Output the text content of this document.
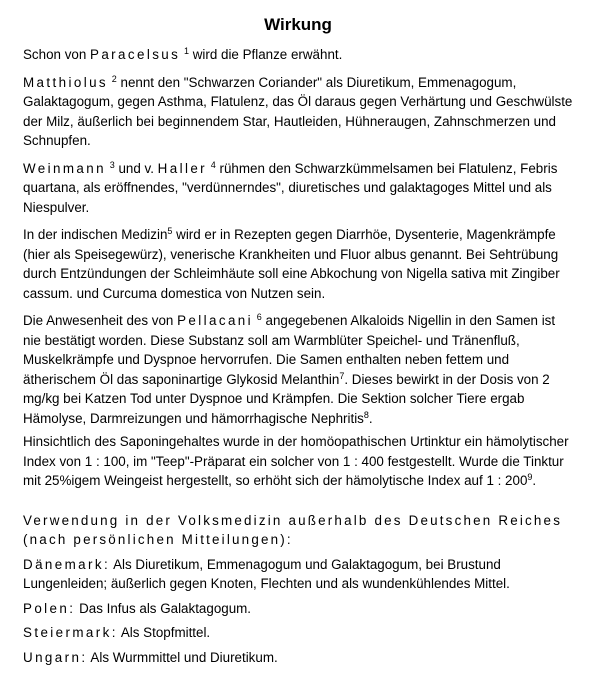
Wirkung

Schon von Paracelsus $^1$ wird die Pflanze erwähnt.

Matthiolus $^2$ nennt den "Schwarzen Coriander" als Diuretikum, Emmenagogum, Galaktagogum, gegen Asthma, Flatulenz, das Öl daraus gegen Verhärtung und Geschwülste der Milz, äußerlich bei beginnendem Star, Hautleiden, Hühneraugen, Zahnschmerzen und Schnupfen.

Weinmann $^3$ und v. Haller $^4$ rühmen den Schwarzkümmelsamen bei Flatulenz, Febris quartana, als eröffnendes, "verdünnerndes", diuretisches und galaktagoges Mittel und als Niespulver.

In der indischen Medizin$^5$ wird er in Rezepten gegen Diarrhöe, Dysenterie, Magenkrämpfe (hier als Speisegewürz), venerische Krankheiten und Fluor albus genannt. Bei Sehtrübung durch Entzündungen der Schleimhäute soll eine Abkochung von Nigella sativa mit Zingiber cassum. und Curcuma domestica von Nutzen sein.

Die Anwesenheit des von Pellacani $^6$ angegebenen Alkaloids Nigellin in den Samen ist nie bestätigt worden. Diese Substanz soll am Warmblüter Speichel- und Tränenfluß, Muskelkrämpfe und Dyspnoe hervorrufen. Die Samen enthalten neben fettem und ätherischem Öl das saponinartige Glykosid Melanthin$^7$. Dieses bewirkt in der Dosis von 2 mg/kg bei Katzen Tod unter Dyspnoe und Krämpfen. Die Sektion solcher Tiere ergab Hämolyse, Darmreizungen und hämorrhagische Nephritis$^8$.

Hinsichtlich des Saponingehaltes wurde in der homöopathischen Urtinktur ein hämolytischer Index von 1 : 100, im "Teep"-Präparat ein solcher von 1 : 400 festgestellt. Wurde die Tinktur mit 25%igem Weingeist hergestellt, so erhöht sich der hämolytische Index auf 1 : $200^9$.

Verwendung in der Volksmedizin außerhalb des Deutschen Reiches (nach persönlichen Mitteilungen):

Dänemark: Als Diuretikum, Emmenagogum und Galaktagogum, bei Brustund Lungenleiden; äußerlich gegen Knoten, Flechten und als wundenkühlendes Mittel.

Polen: Das Infus als Galaktagogum.

Steiermark: Als Stopfmittel.

Ungarn: Als Wurmmittel und Diuretikum.
